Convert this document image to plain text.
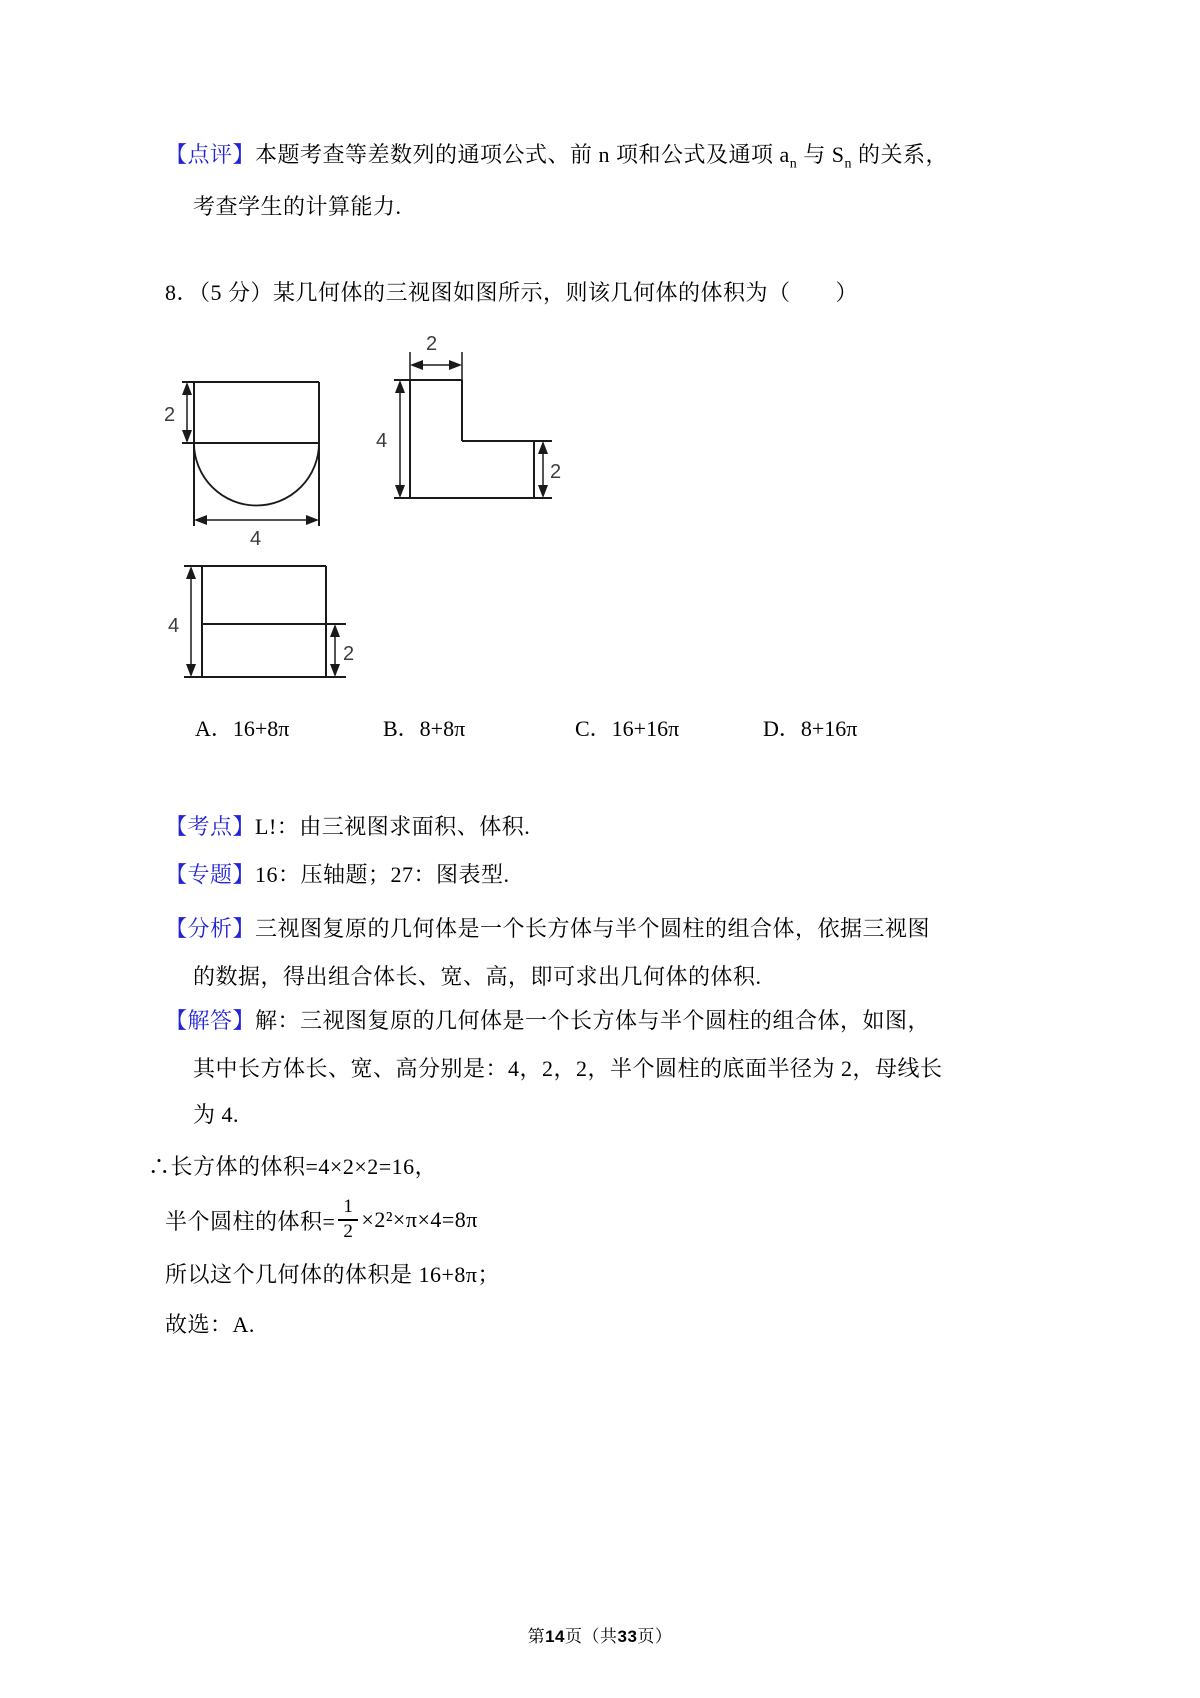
【点评】本题考查等差数列的通项公式、前 n 项和公式及通项 $a_n$ 与 $S_n$ 的关系，
考查学生的计算能力.
8．（5 分）某几何体的三视图如图所示，则该几何体的体积为（　　）
2
4
2
2
4
4
2
A．16+8π	B．8+8π	C．16+16π	D．8+16π
【考点】L!：由三视图求面积、体积.
【专题】16：压轴题；27：图表型.
【分析】三视图复原的几何体是一个长方体与半个圆柱的组合体，依据三视图
的数据，得出组合体长、宽、高，即可求出几何体的体积.
【解答】解：三视图复原的几何体是一个长方体与半个圆柱的组合体，如图，
其中长方体长、宽、高分别是：4，2，2，半个圆柱的底面半径为 2，母线长
为 4.
∴长方体的体积=4×2×2=16，
半个圆柱的体积= $\frac{1}{2} \times 2^2\times\pi\times 4=8\pi$
所以这个几何体的体积是 16+8π；
故选：A.
第14页（共33页）
